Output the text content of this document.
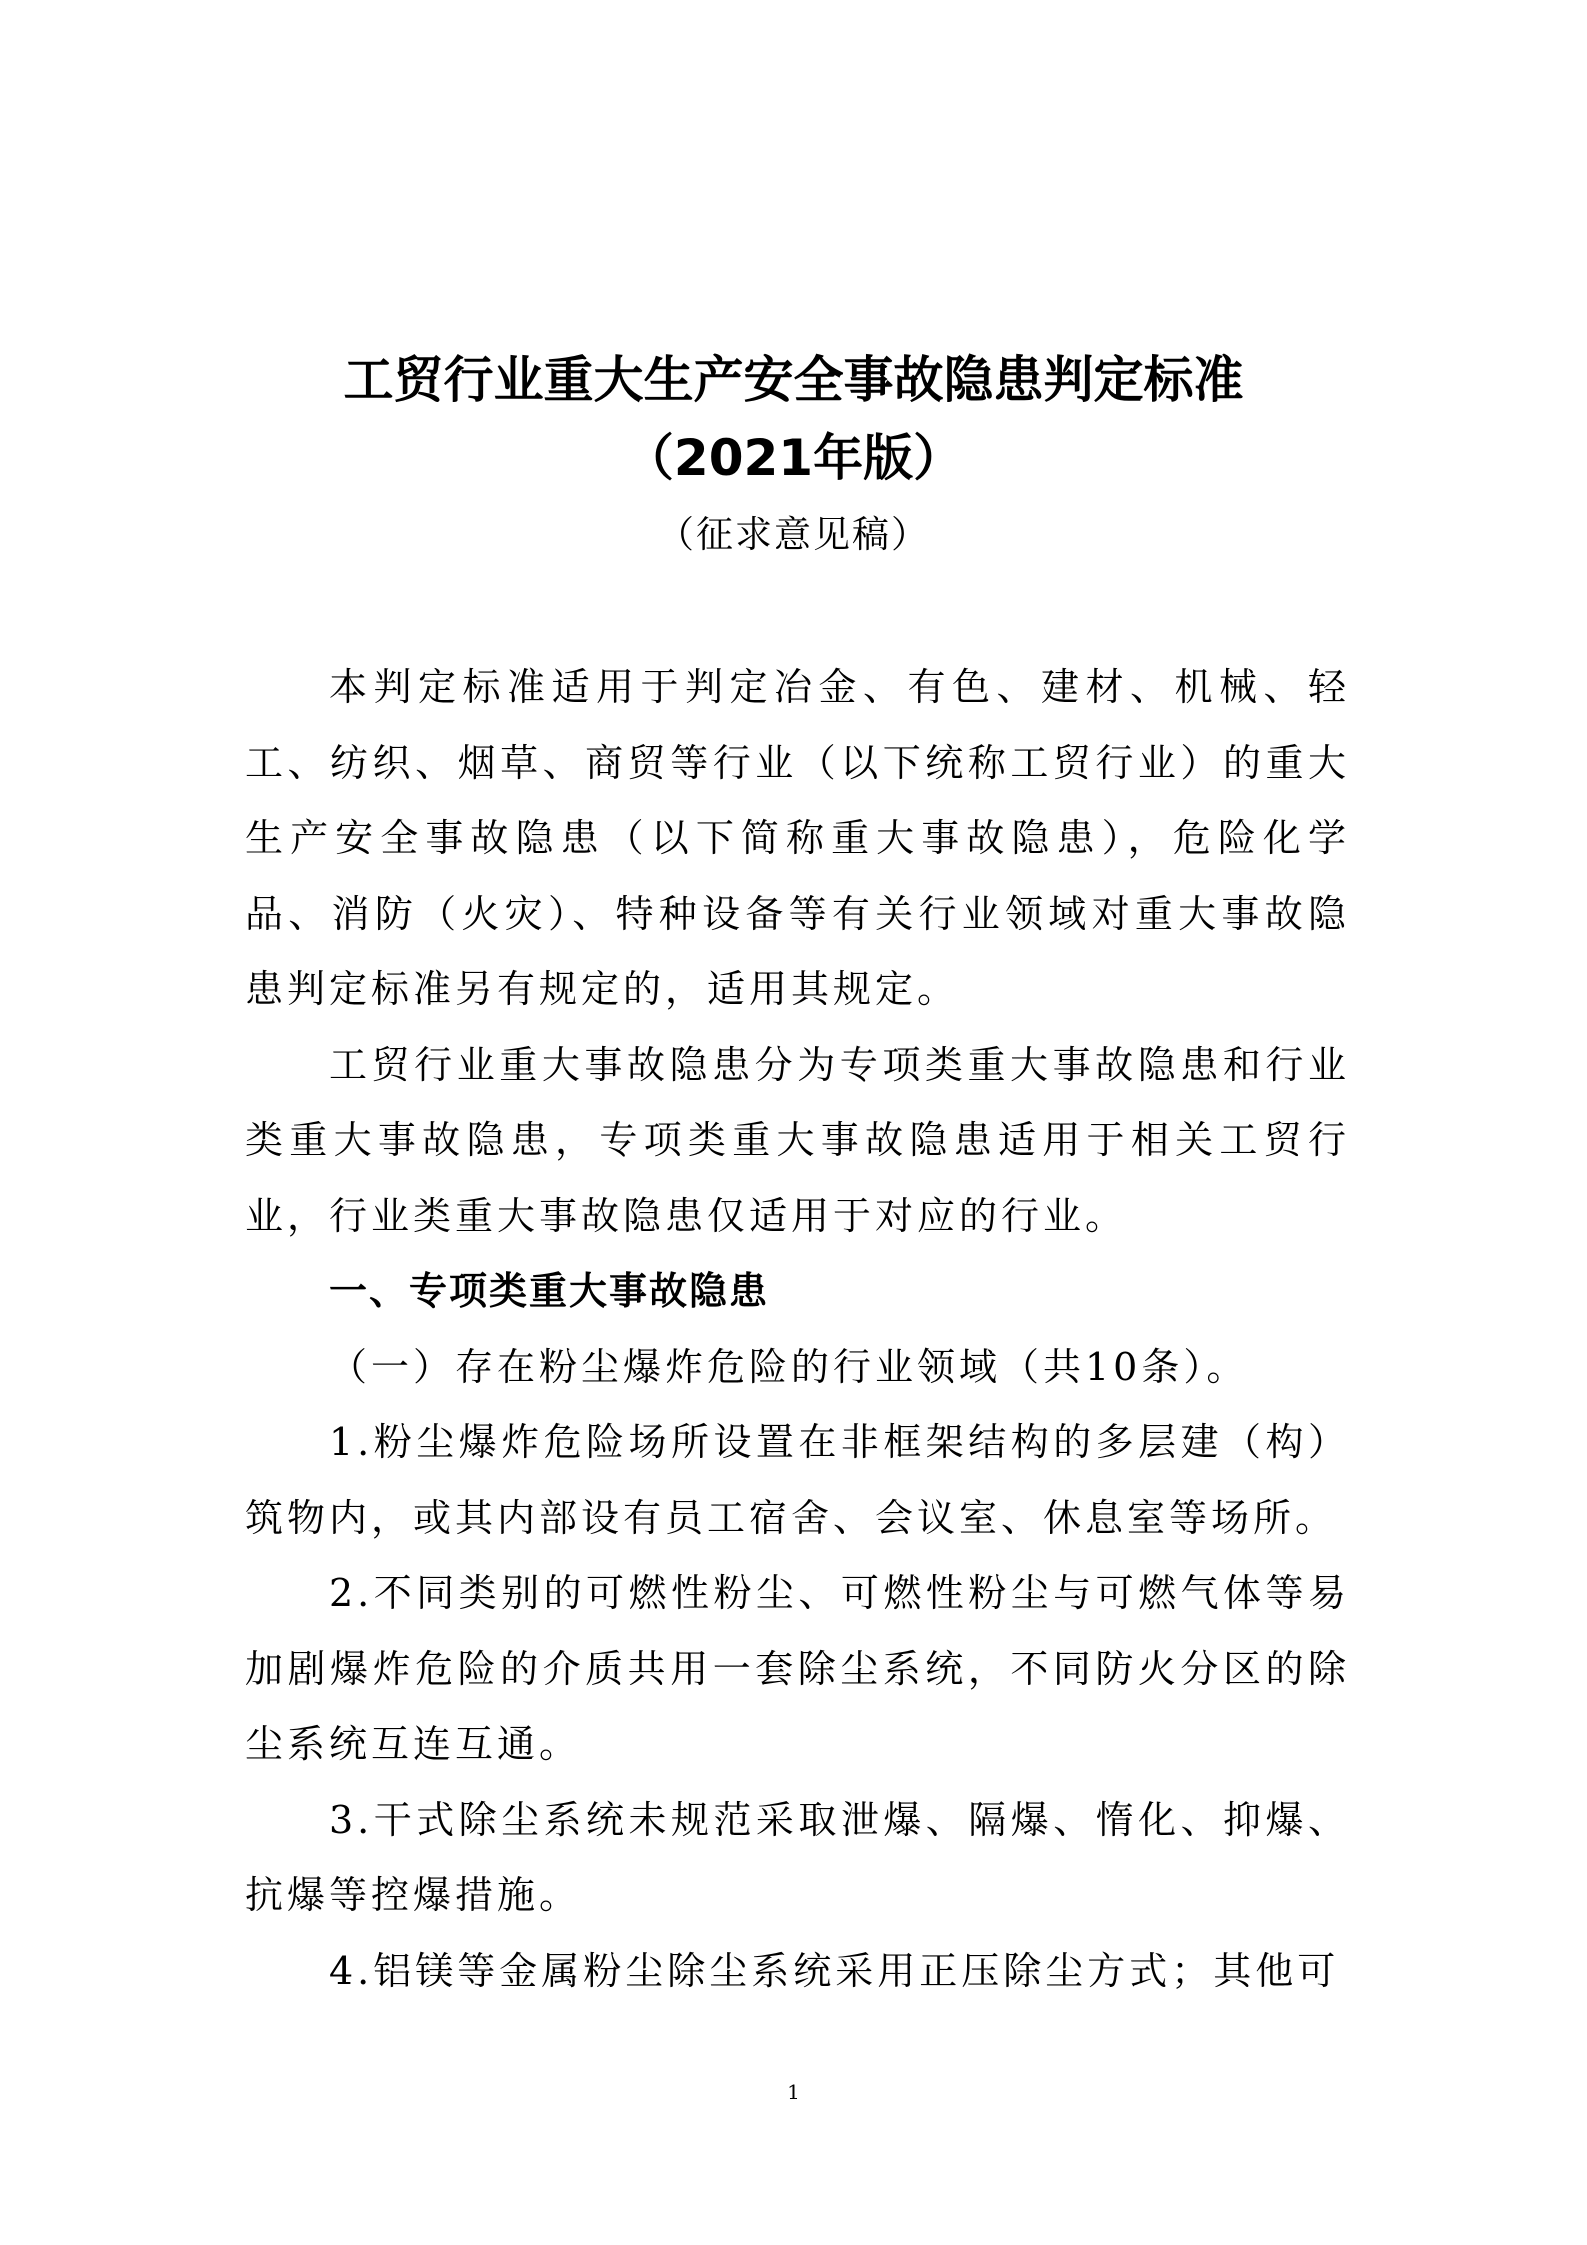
工贸行业重大生产安全事故隐患判定标准
（2021年版）

（征求意见稿）

本判定标准适用于判定冶金、有色、建材、机械、轻工、纺织、烟草、商贸等行业（以下统称工贸行业）的重大生产安全事故隐患（以下简称重大事故隐患），危险化学品、消防（火灾）、特种设备等有关行业领域对重大事故隐患判定标准另有规定的，适用其规定。

工贸行业重大事故隐患分为专项类重大事故隐患和行业类重大事故隐患，专项类重大事故隐患适用于相关工贸行业，行业类重大事故隐患仅适用于对应的行业。

一、专项类重大事故隐患

（一）存在粉尘爆炸危险的行业领域（共10条）。

1.粉尘爆炸危险场所设置在非框架结构的多层建（构）筑物内，或其内部设有员工宿舍、会议室、休息室等场所。

2.不同类别的可燃性粉尘、可燃性粉尘与可燃气体等易加剧爆炸危险的介质共用一套除尘系统，不同防火分区的除尘系统互连互通。

3.干式除尘系统未规范采取泄爆、隔爆、惰化、抑爆、抗爆等控爆措施。

4.铝镁等金属粉尘除尘系统采用正压除尘方式；其他可

1
